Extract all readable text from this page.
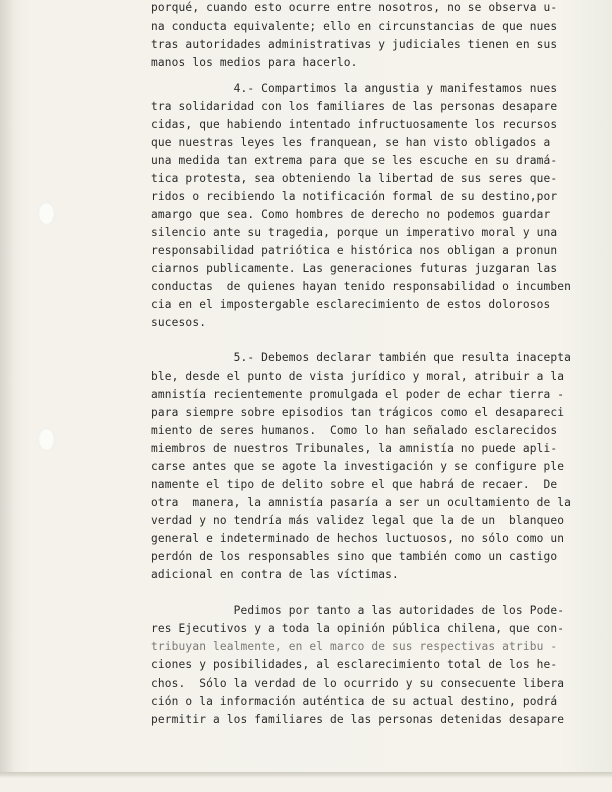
porqué, cuando esto ocurre entre nosotros, no se observa u-
na conducta equivalente; ello en circunstancias de que nues
tras autoridades administrativas y judiciales tienen en sus
manos los medios para hacerlo.
4.- Compartimos la angustia y manifestamos nues
tra solidaridad con los familiares de las personas desapare
cidas, que habiendo intentado infructuosamente los recursos
que nuestras leyes les franquean, se han visto obligados a
una medida tan extrema para que se les escuche en su dramá-
tica protesta, sea obteniendo la libertad de sus seres que-
ridos o recibiendo la notificación formal de su destino,por
amargo que sea. Como hombres de derecho no podemos guardar
silencio ante su tragedia, porque un imperativo moral y una
responsabilidad patriótica e histórica nos obligan a pronun
ciarnos publicamente. Las generaciones futuras juzgaran las
conductas  de quienes hayan tenido responsabilidad o incumben
cia en el impostergable esclarecimiento de estos dolorosos
sucesos.
5.- Debemos declarar también que resulta inacepta
ble, desde el punto de vista jurídico y moral, atribuir a la
amnistía recientemente promulgada el poder de echar tierra -
para siempre sobre episodios tan trágicos como el desapareci
miento de seres humanos.  Como lo han señalado esclarecidos
miembros de nuestros Tribunales, la amnistía no puede apli-
carse antes que se agote la investigación y se configure ple
namente el tipo de delito sobre el que habrá de recaer.  De
otra  manera, la amnistía pasaría a ser un ocultamiento de la
verdad y no tendría más validez legal que la de un  blanqueo
general e indeterminado de hechos luctuosos, no sólo como un
perdón de los responsables sino que también como un castigo
adicional en contra de las víctimas.
Pedimos por tanto a las autoridades de los Pode-
res Ejecutivos y a toda la opinión pública chilena, que con-
tribuyan lealmente, en el marco de sus respectivas atribu -
ciones y posibilidades, al esclarecimiento total de los he-
chos.  Sólo la verdad de lo ocurrido y su consecuente libera
ción o la información auténtica de su actual destino, podrá
permitir a los familiares de las personas detenidas desapare
